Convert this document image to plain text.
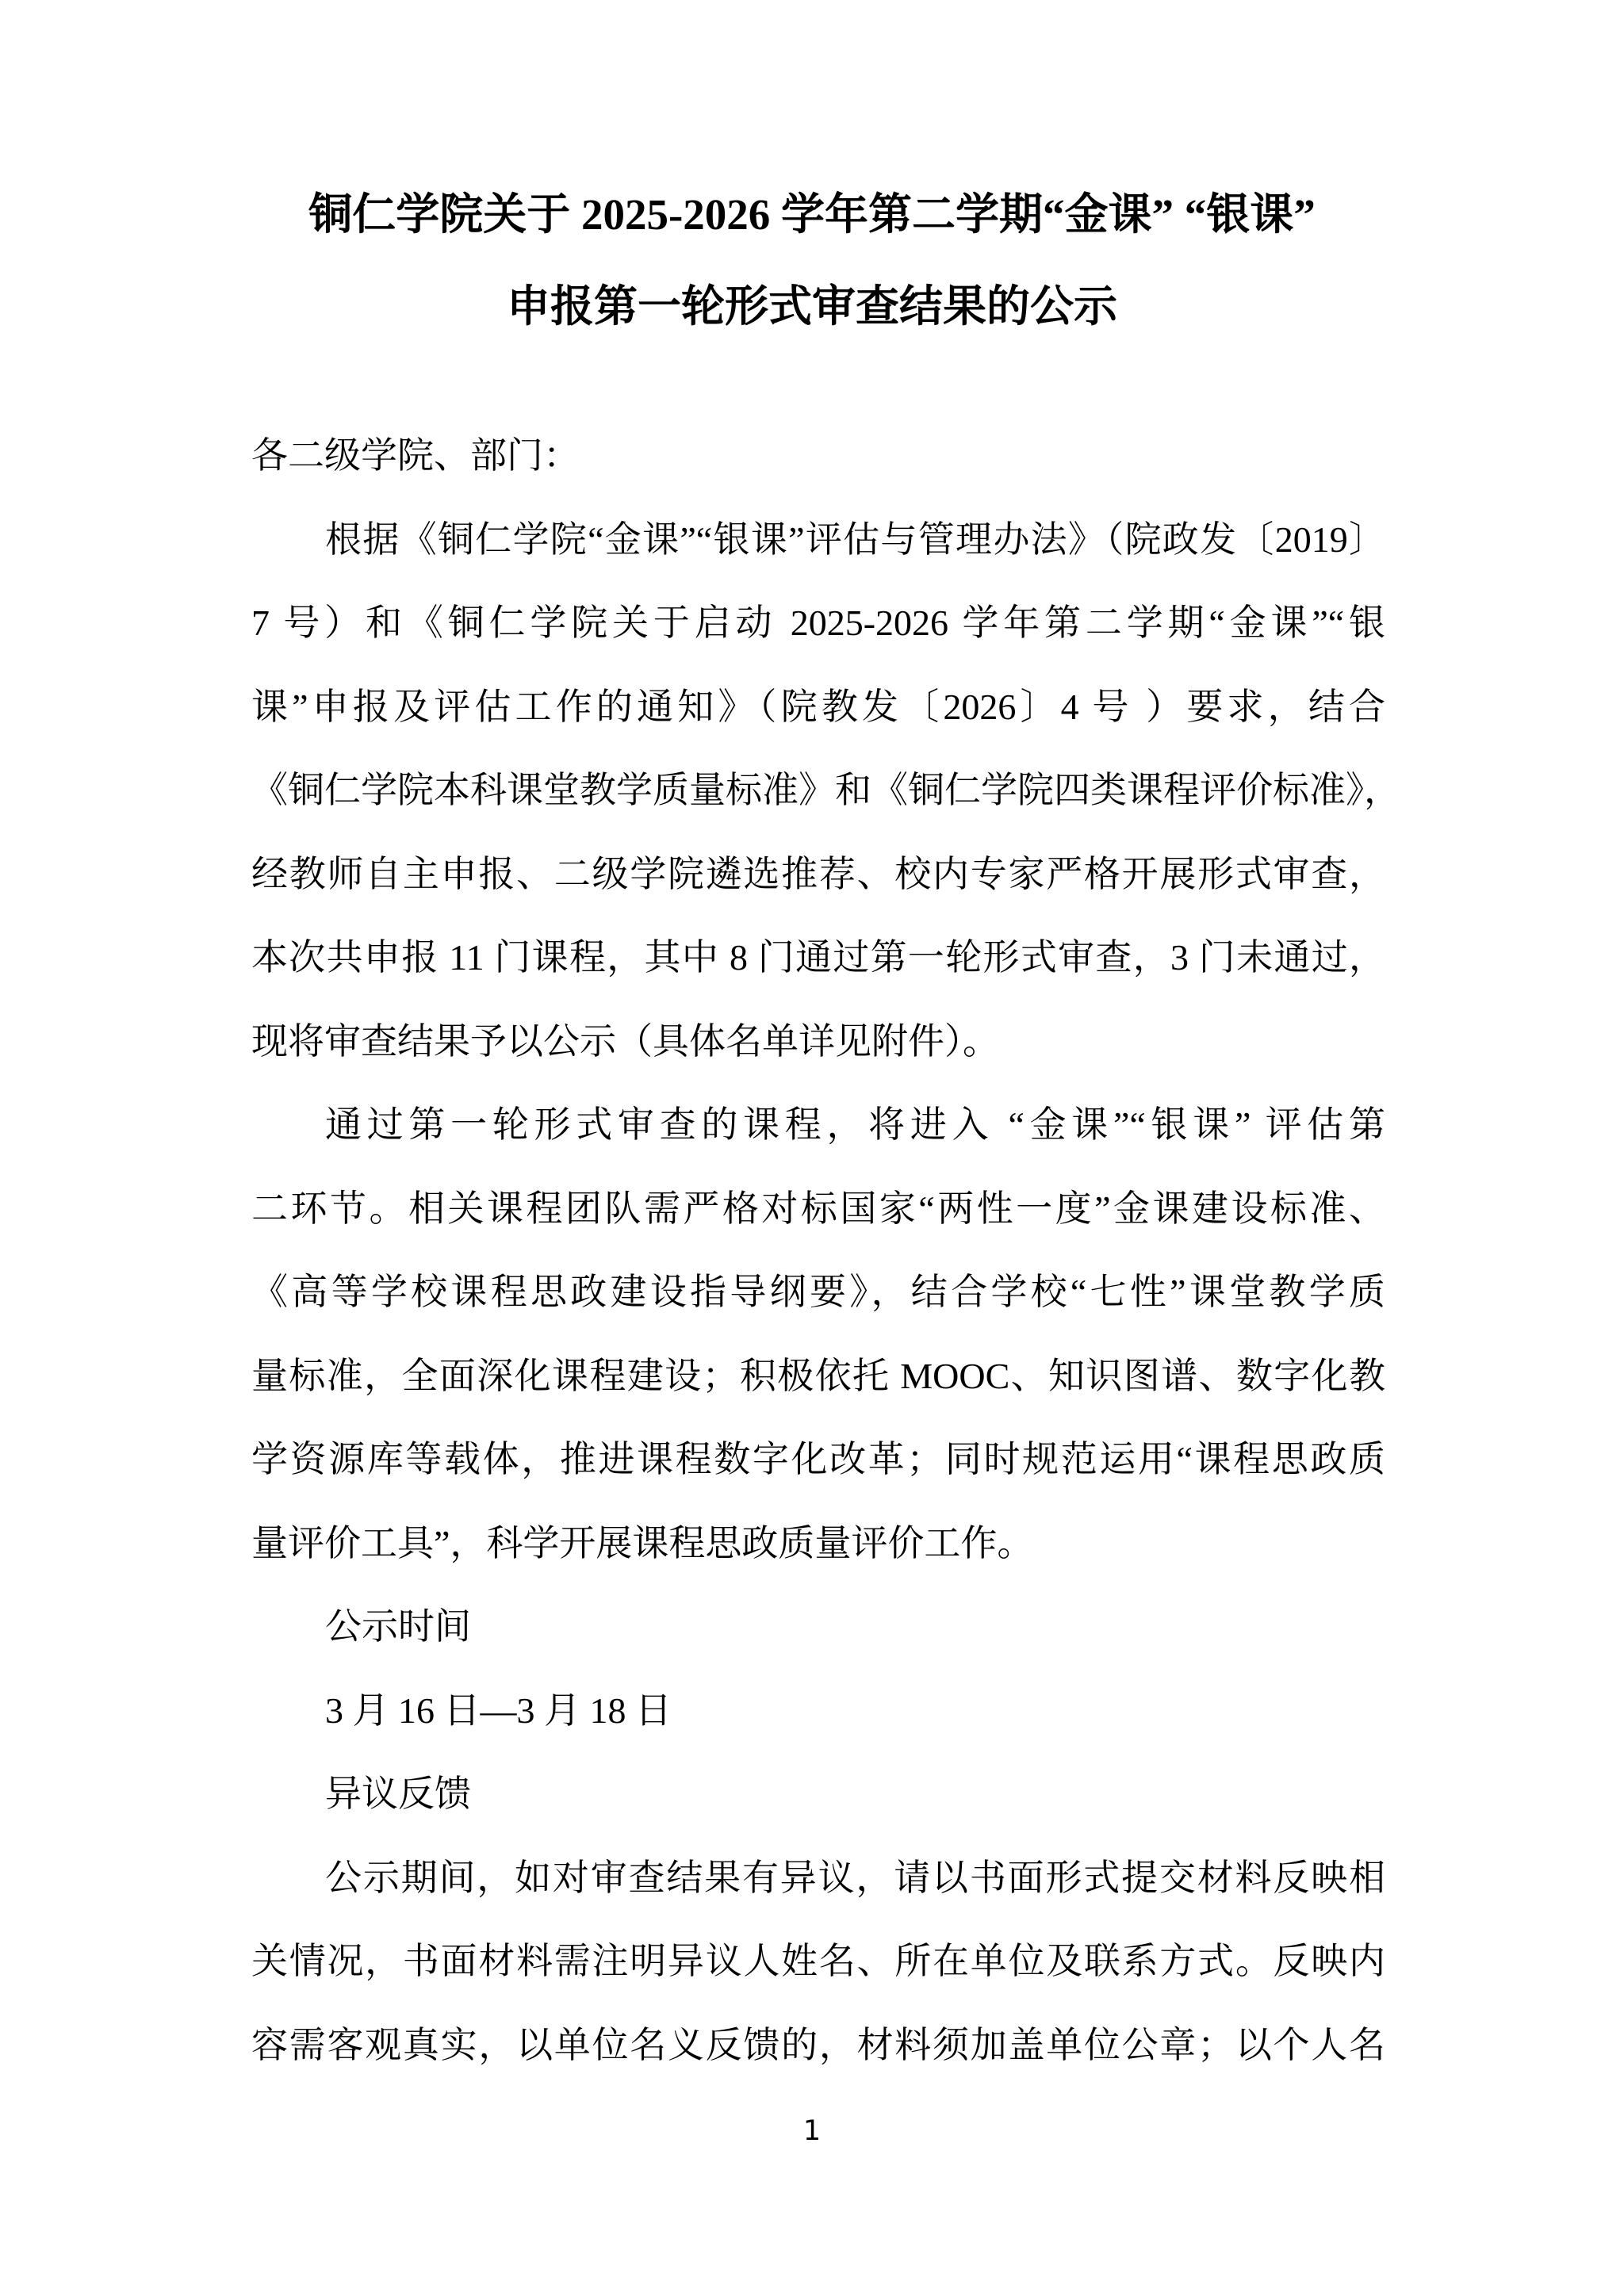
铜仁学院关于 2025-2026 学年第二学期“金课” “银课”
申报第一轮形式审查结果的公示
各二级学院、部门：
根据《铜仁学院“金课”“银课”评估与管理办法》（院政发〔2019〕
7 号）和《铜仁学院关于启动 2025-2026 学年第二学期“金课”“银
课”申报及评估工作的通知》（院教发〔2026〕4 号 ）要求，结合
《铜仁学院本科课堂教学质量标准》和《铜仁学院四类课程评价标准》，
经教师自主申报、二级学院遴选推荐、校内专家严格开展形式审查，
本次共申报 11 门课程，其中 8 门通过第一轮形式审查，3 门未通过，
现将审查结果予以公示（具体名单详见附件）。
通过第一轮形式审查的课程，将进入 “金课”“银课” 评估第
二环节。相关课程团队需严格对标国家“两性一度”金课建设标准、
《高等学校课程思政建设指导纲要》，结合学校“七性”课堂教学质
量标准，全面深化课程建设；积极依托 MOOC、知识图谱、数字化教
学资源库等载体，推进课程数字化改革；同时规范运用“课程思政质
量评价工具”，科学开展课程思政质量评价工作。
公示时间
3 月 16 日—3 月 18 日
异议反馈
公示期间，如对审查结果有异议，请以书面形式提交材料反映相
关情况，书面材料需注明异议人姓名、所在单位及联系方式。反映内
容需客观真实，以单位名义反馈的，材料须加盖单位公章；以个人名
1
